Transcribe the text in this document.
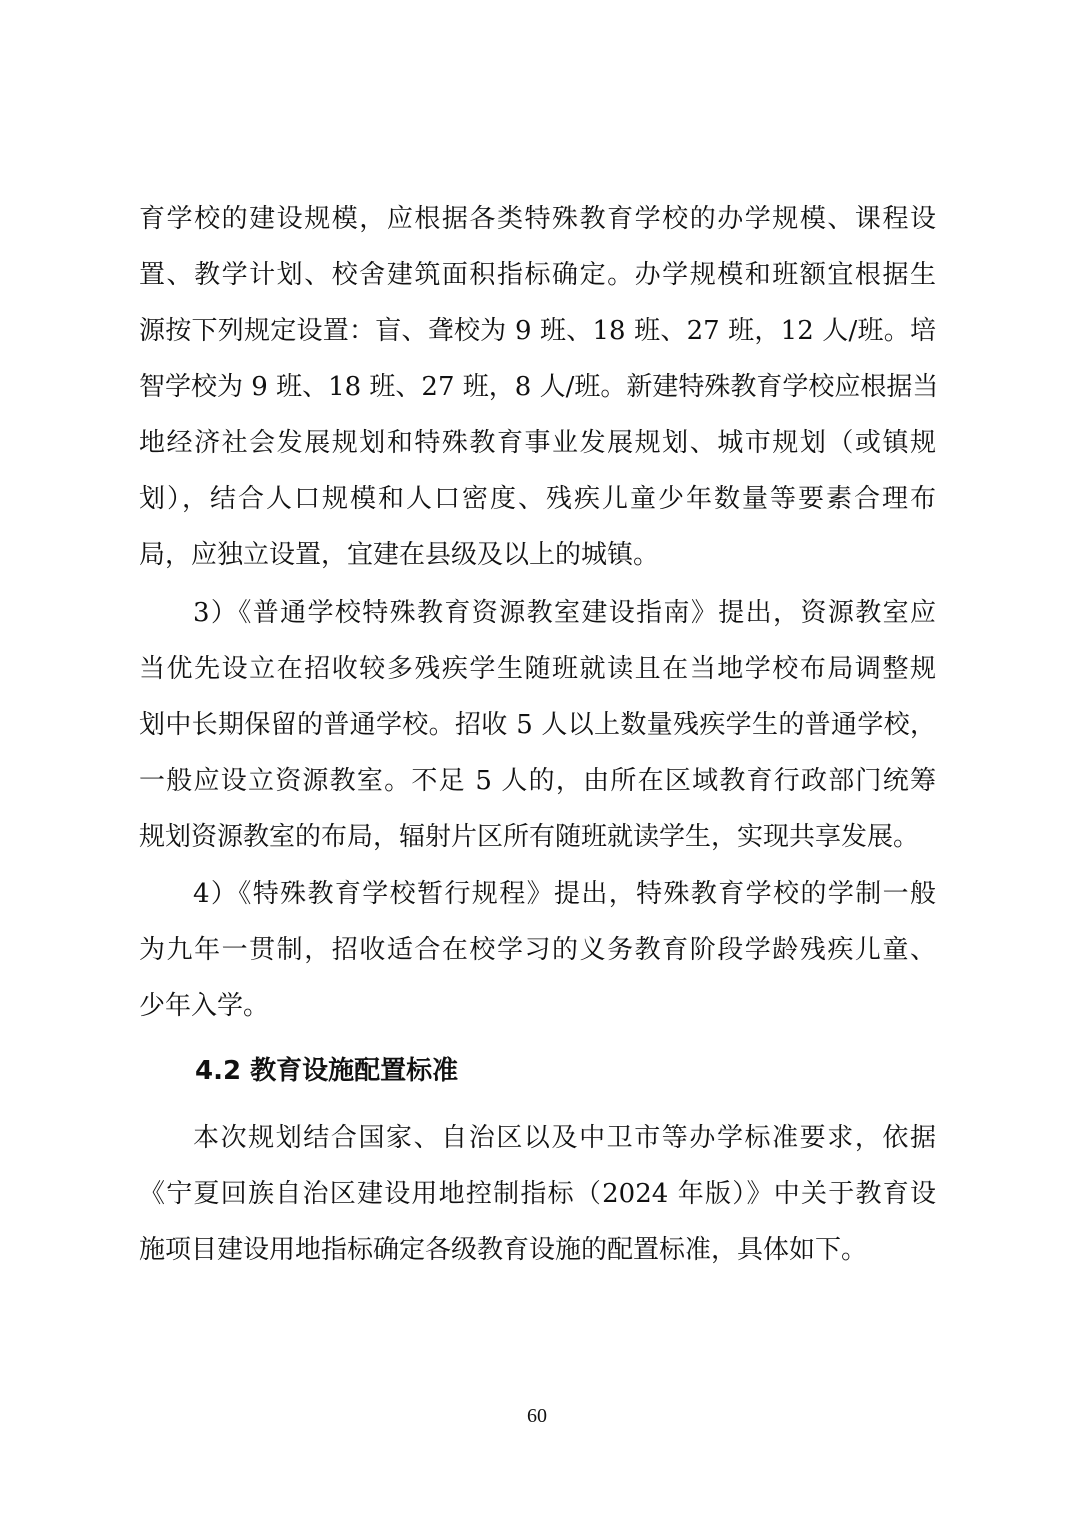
育学校的建设规模，应根据各类特殊教育学校的办学规模、课程设
置、教学计划、校舍建筑面积指标确定。办学规模和班额宜根据生
源按下列规定设置：盲、聋校为 9 班、18 班、27 班，12 人/班。培
智学校为 9 班、18 班、27 班，8 人/班。新建特殊教育学校应根据当
地经济社会发展规划和特殊教育事业发展规划、城市规划（或镇规
划），结合人口规模和人口密度、残疾儿童少年数量等要素合理布
局，应独立设置，宜建在县级及以上的城镇。
3）《普通学校特殊教育资源教室建设指南》提出，资源教室应
当优先设立在招收较多残疾学生随班就读且在当地学校布局调整规
划中长期保留的普通学校。招收 5 人以上数量残疾学生的普通学校，
一般应设立资源教室。不足 5 人的，由所在区域教育行政部门统筹
规划资源教室的布局，辐射片区所有随班就读学生，实现共享发展。
4）《特殊教育学校暂行规程》提出，特殊教育学校的学制一般
为九年一贯制，招收适合在校学习的义务教育阶段学龄残疾儿童、
少年入学。
4.2 教育设施配置标准
本次规划结合国家、自治区以及中卫市等办学标准要求，依据
《宁夏回族自治区建设用地控制指标（2024 年版）》中关于教育设
施项目建设用地指标确定各级教育设施的配置标准，具体如下。
60
